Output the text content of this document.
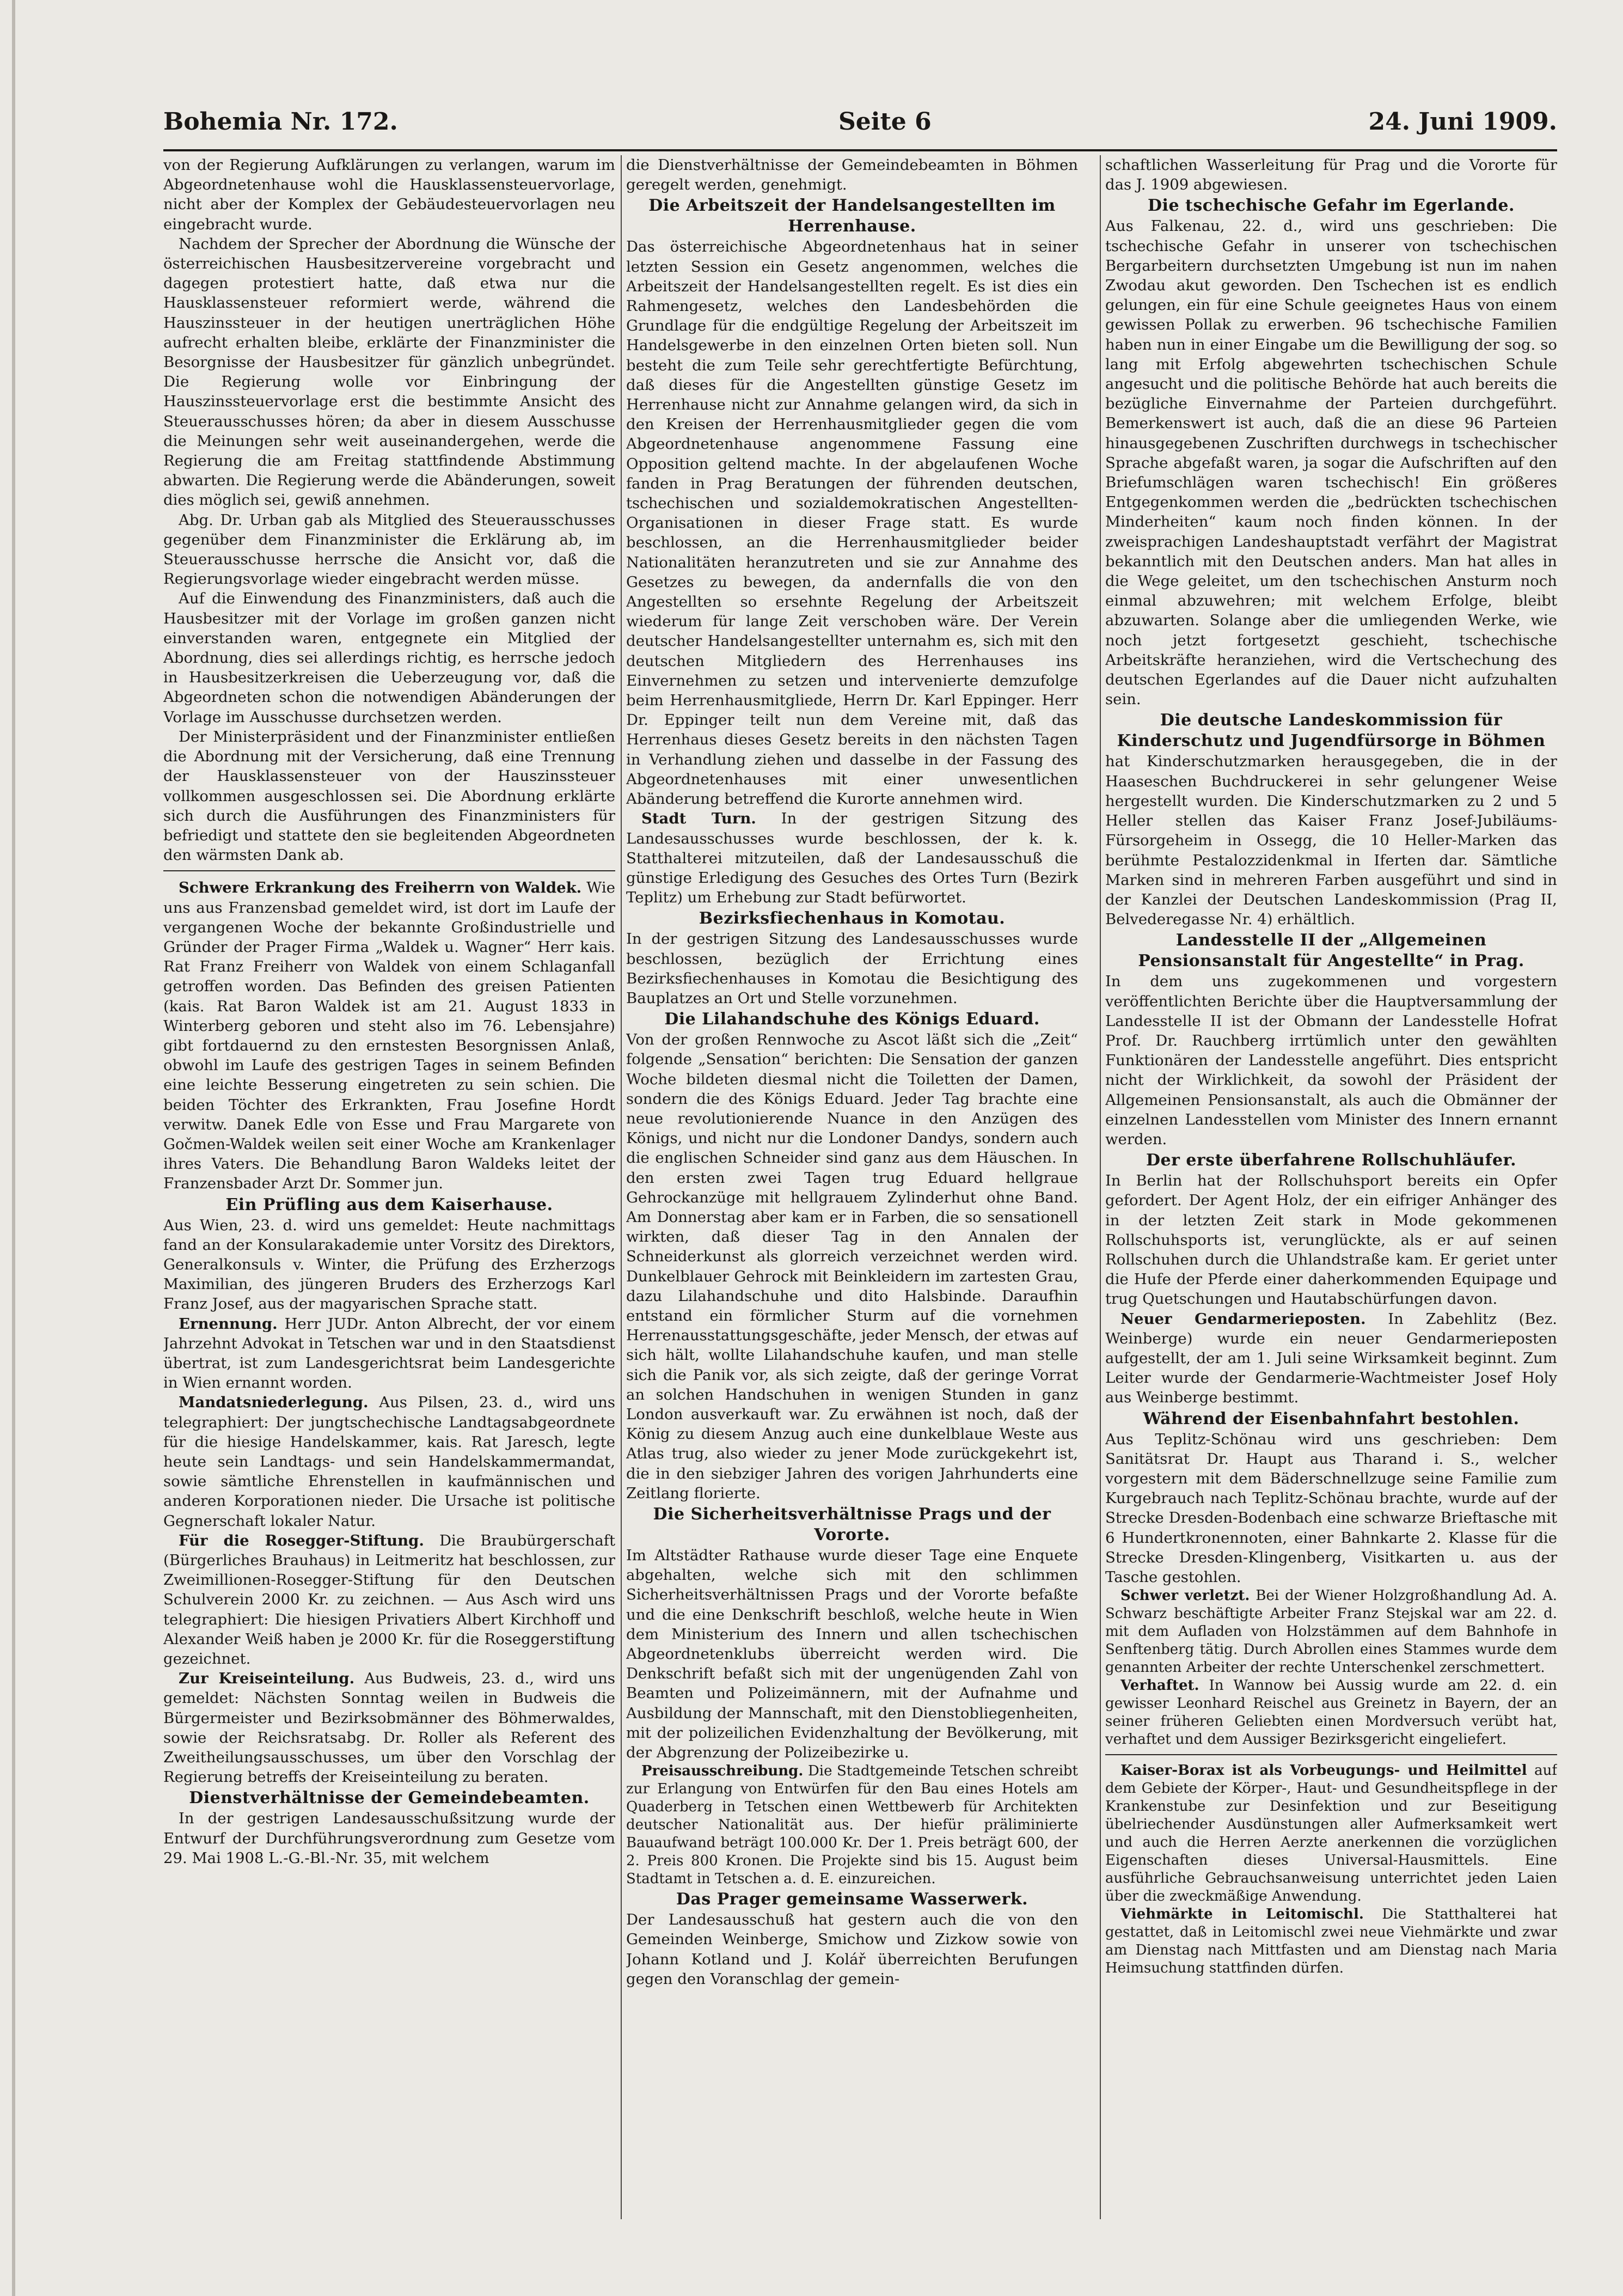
Bohemia Nr. 172.	Seite 6	24. Juni 1909.

von der Regierung Aufklärungen zu verlangen, warum im Abgeordnetenhause wohl die Hausklassensteuervorlage, nicht aber der Komplex der Gebäudesteuervorlagen neu eingebracht wurde.

Nachdem der Sprecher der Abordnung die Wünsche der österreichischen Hausbesitzervereine vorgebracht und dagegen protestiert hatte, daß etwa nur die Hausklassensteuer reformiert werde, während die Hauszinssteuer in der heutigen unerträglichen Höhe aufrecht erhalten bleibe, erklärte der Finanzminister die Besorgnisse der Hausbesitzer für gänzlich unbegründet. Die Regierung wolle vor Einbringung der Hauszinssteuervorlage erst die bestimmte Ansicht des Steuerausschusses hören; da aber in diesem Ausschusse die Meinungen sehr weit auseinandergehen, werde die Regierung die am Freitag stattfindende Abstimmung abwarten. Die Regierung werde die Abänderungen, soweit dies möglich sei, gewiß annehmen.

Abg. Dr. Urban gab als Mitglied des Steuerausschusses gegenüber dem Finanzminister die Erklärung ab, im Steuerausschusse herrsche die Ansicht vor, daß die Regierungsvorlage wieder eingebracht werden müsse.

Auf die Einwendung des Finanzministers, daß auch die Hausbesitzer mit der Vorlage im großen ganzen nicht einverstanden waren, entgegnete ein Mitglied der Abordnung, dies sei allerdings richtig, es herrsche jedoch in Hausbesitzerkreisen die Ueberzeugung vor, daß die Abgeordneten schon die notwendigen Abänderungen der Vorlage im Ausschusse durchsetzen werden.

Der Ministerpräsident und der Finanzminister entließen die Abordnung mit der Versicherung, daß eine Trennung der Hausklassensteuer von der Hauszinssteuer vollkommen ausgeschlossen sei. Die Abordnung erklärte sich durch die Ausführungen des Finanzministers für befriedigt und stattete den sie begleitenden Abgeordneten den wärmsten Dank ab.

Schwere Erkrankung des Freiherrn von Waldek. Wie uns aus Franzensbad gemeldet wird, ist dort im Laufe der vergangenen Woche der bekannte Großindustrielle und Gründer der Prager Firma „Waldek u. Wagner“ Herr kais. Rat Franz Freiherr von Waldek von einem Schlaganfall getroffen worden. Das Befinden des greisen Patienten (kais. Rat Baron Waldek ist am 21. August 1833 in Winterberg geboren und steht also im 76. Lebensjahre) gibt fortdauernd zu den ernstesten Besorgnissen Anlaß, obwohl im Laufe des gestrigen Tages in seinem Befinden eine leichte Besserung eingetreten zu sein schien. Die beiden Töchter des Erkrankten, Frau Josefine Hordt verwitw. Danek Edle von Esse und Frau Margarete von Gočmen-Waldek weilen seit einer Woche am Krankenlager ihres Vaters. Die Behandlung Baron Waldeks leitet der Franzensbader Arzt Dr. Sommer jun.

Ein Prüfling aus dem Kaiserhause.

Aus Wien, 23. d. wird uns gemeldet: Heute nachmittags fand an der Konsularakademie unter Vorsitz des Direktors, Generalkonsuls v. Winter, die Prüfung des Erzherzogs Maximilian, des jüngeren Bruders des Erzherzogs Karl Franz Josef, aus der magyarischen Sprache statt.

Ernennung. Herr JUDr. Anton Albrecht, der vor einem Jahrzehnt Advokat in Tetschen war und in den Staatsdienst übertrat, ist zum Landesgerichtsrat beim Landesgerichte in Wien ernannt worden.

Mandatsniederlegung. Aus Pilsen, 23. d., wird uns telegraphiert: Der jungtschechische Landtagsabgeordnete für die hiesige Handelskammer, kais. Rat Jaresch, legte heute sein Landtags- und sein Handelskammermandat, sowie sämtliche Ehrenstellen in kaufmännischen und anderen Korporationen nieder. Die Ursache ist politische Gegnerschaft lokaler Natur.

Für die Rosegger-Stiftung. Die Braubürgerschaft (Bürgerliches Brauhaus) in Leitmeritz hat beschlossen, zur Zweimillionen-Rosegger-Stiftung für den Deutschen Schulverein 2000 Kr. zu zeichnen. — Aus Asch wird uns telegraphiert: Die hiesigen Privatiers Albert Kirchhoff und Alexander Weiß haben je 2000 Kr. für die Roseggerstiftung gezeichnet.

Zur Kreiseinteilung. Aus Budweis, 23. d., wird uns gemeldet: Nächsten Sonntag weilen in Budweis die Bürgermeister und Bezirksobmänner des Böhmerwaldes, sowie der Reichsratsabg. Dr. Roller als Referent des Zweitheilungsausschusses, um über den Vorschlag der Regierung betreffs der Kreiseinteilung zu beraten.

Dienstverhältnisse der Gemeindebeamten.

In der gestrigen Landesausschußsitzung wurde der Entwurf der Durchführungsverordnung zum Gesetze vom 29. Mai 1908 L.-G.-Bl.-Nr. 35, mit welchem

die Dienstverhältnisse der Gemeindebeamten in Böhmen geregelt werden, genehmigt.

Die Arbeitszeit der Handelsangestellten im Herrenhause.

Das österreichische Abgeordnetenhaus hat in seiner letzten Session ein Gesetz angenommen, welches die Arbeitszeit der Handelsangestellten regelt. Es ist dies ein Rahmengesetz, welches den Landesbehörden die Grundlage für die endgültige Regelung der Arbeitszeit im Handelsgewerbe in den einzelnen Orten bieten soll. Nun besteht die zum Teile sehr gerechtfertigte Befürchtung, daß dieses für die Angestellten günstige Gesetz im Herrenhause nicht zur Annahme gelangen wird, da sich in den Kreisen der Herrenhausmitglieder gegen die vom Abgeordnetenhause angenommene Fassung eine Opposition geltend machte. In der abgelaufenen Woche fanden in Prag Beratungen der führenden deutschen, tschechischen und sozialdemokratischen Angestellten-Organisationen in dieser Frage statt. Es wurde beschlossen, an die Herrenhausmitglieder beider Nationalitäten heranzutreten und sie zur Annahme des Gesetzes zu bewegen, da andernfalls die von den Angestellten so ersehnte Regelung der Arbeitszeit wiederum für lange Zeit verschoben wäre. Der Verein deutscher Handelsangestellter unternahm es, sich mit den deutschen Mitgliedern des Herrenhauses ins Einvernehmen zu setzen und intervenierte demzufolge beim Herrenhausmitgliede, Herrn Dr. Karl Eppinger. Herr Dr. Eppinger teilt nun dem Vereine mit, daß das Herrenhaus dieses Gesetz bereits in den nächsten Tagen in Verhandlung ziehen und dasselbe in der Fassung des Abgeordnetenhauses mit einer unwesentlichen Abänderung betreffend die Kurorte annehmen wird.

Stadt Turn. In der gestrigen Sitzung des Landesausschusses wurde beschlossen, der k. k. Statthalterei mitzuteilen, daß der Landesausschuß die günstige Erledigung des Gesuches des Ortes Turn (Bezirk Teplitz) um Erhebung zur Stadt befürwortet.

Bezirksfiechenhaus in Komotau.

In der gestrigen Sitzung des Landesausschusses wurde beschlossen, bezüglich der Errichtung eines Bezirksfiechenhauses in Komotau die Besichtigung des Bauplatzes an Ort und Stelle vorzunehmen.

Die Lilahandschuhe des Königs Eduard.

Von der großen Rennwoche zu Ascot läßt sich die „Zeit“ folgende „Sensation“ berichten: Die Sensation der ganzen Woche bildeten diesmal nicht die Toiletten der Damen, sondern die des Königs Eduard. Jeder Tag brachte eine neue revolutionierende Nuance in den Anzügen des Königs, und nicht nur die Londoner Dandys, sondern auch die englischen Schneider sind ganz aus dem Häuschen. In den ersten zwei Tagen trug Eduard hellgraue Gehrockanzüge mit hellgrauem Zylinderhut ohne Band. Am Donnerstag aber kam er in Farben, die so sensationell wirkten, daß dieser Tag in den Annalen der Schneiderkunst als glorreich verzeichnet werden wird. Dunkelblauer Gehrock mit Beinkleidern im zartesten Grau, dazu Lilahandschuhe und dito Halsbinde. Daraufhin entstand ein förmlicher Sturm auf die vornehmen Herrenausstattungsgeschäfte, jeder Mensch, der etwas auf sich hält, wollte Lilahandschuhe kaufen, und man stelle sich die Panik vor, als sich zeigte, daß der geringe Vorrat an solchen Handschuhen in wenigen Stunden in ganz London ausverkauft war. Zu erwähnen ist noch, daß der König zu diesem Anzug auch eine dunkelblaue Weste aus Atlas trug, also wieder zu jener Mode zurückgekehrt ist, die in den siebziger Jahren des vorigen Jahrhunderts eine Zeitlang florierte.

Die Sicherheitsverhältnisse Prags und der Vororte.

Im Altstädter Rathause wurde dieser Tage eine Enquete abgehalten, welche sich mit den schlimmen Sicherheitsverhältnissen Prags und der Vororte befaßte und die eine Denkschrift beschloß, welche heute in Wien dem Ministerium des Innern und allen tschechischen Abgeordnetenklubs überreicht werden wird. Die Denkschrift befaßt sich mit der ungenügenden Zahl von Beamten und Polizeimännern, mit der Aufnahme und Ausbildung der Mannschaft, mit den Dienstobliegenheiten, mit der polizeilichen Evidenzhaltung der Bevölkerung, mit der Abgrenzung der Polizeibezirke u.

Preisausschreibung. Die Stadtgemeinde Tetschen schreibt zur Erlangung von Entwürfen für den Bau eines Hotels am Quaderberg in Tetschen einen Wettbewerb für Architekten deutscher Nationalität aus. Der hiefür präliminierte Bauaufwand beträgt 100.000 Kr. Der 1. Preis beträgt 600, der 2. Preis 800 Kronen. Die Projekte sind bis 15. August beim Stadtamt in Tetschen a. d. E. einzureichen.

Das Prager gemeinsame Wasserwerk.

Der Landesausschuß hat gestern auch die von den Gemeinden Weinberge, Smichow und Zizkow sowie von Johann Kotland und J. Kolář überreichten Berufungen gegen den Voranschlag der gemein-

schaftlichen Wasserleitung für Prag und die Vororte für das J. 1909 abgewiesen.

Die tschechische Gefahr im Egerlande.

Aus Falkenau, 22. d., wird uns geschrieben: Die tschechische Gefahr in unserer von tschechischen Bergarbeitern durchsetzten Umgebung ist nun im nahen Zwodau akut geworden. Den Tschechen ist es endlich gelungen, ein für eine Schule geeignetes Haus von einem gewissen Pollak zu erwerben. 96 tschechische Familien haben nun in einer Eingabe um die Bewilligung der sog. so lang mit Erfolg abgewehrten tschechischen Schule angesucht und die politische Behörde hat auch bereits die bezügliche Einvernahme der Parteien durchgeführt. Bemerkenswert ist auch, daß die an diese 96 Parteien hinausgegebenen Zuschriften durchwegs in tschechischer Sprache abgefaßt waren, ja sogar die Aufschriften auf den Briefumschlägen waren tschechisch! Ein größeres Entgegenkommen werden die „bedrückten tschechischen Minderheiten“ kaum noch finden können. In der zweisprachigen Landeshauptstadt verfährt der Magistrat bekanntlich mit den Deutschen anders. Man hat alles in die Wege geleitet, um den tschechischen Ansturm noch einmal abzuwehren; mit welchem Erfolge, bleibt abzuwarten. Solange aber die umliegenden Werke, wie noch jetzt fortgesetzt geschieht, tschechische Arbeitskräfte heranziehen, wird die Vertschechung des deutschen Egerlandes auf die Dauer nicht aufzuhalten sein.

Die deutsche Landeskommission für Kinderschutz und Jugendfürsorge in Böhmen

hat Kinderschutzmarken herausgegeben, die in der Haaseschen Buchdruckerei in sehr gelungener Weise hergestellt wurden. Die Kinderschutzmarken zu 2 und 5 Heller stellen das Kaiser Franz Josef-Jubiläums-Fürsorgeheim in Ossegg, die 10 Heller-Marken das berühmte Pestalozzidenkmal in Iferten dar. Sämtliche Marken sind in mehreren Farben ausgeführt und sind in der Kanzlei der Deutschen Landeskommission (Prag II, Belvederegasse Nr. 4) erhältlich.

Landesstelle II der „Allgemeinen Pensionsanstalt für Angestellte“ in Prag.

In dem uns zugekommenen und vorgestern veröffentlichten Berichte über die Hauptversammlung der Landesstelle II ist der Obmann der Landesstelle Hofrat Prof. Dr. Rauchberg irrtümlich unter den gewählten Funktionären der Landesstelle angeführt. Dies entspricht nicht der Wirklichkeit, da sowohl der Präsident der Allgemeinen Pensionsanstalt, als auch die Obmänner der einzelnen Landesstellen vom Minister des Innern ernannt werden.

Der erste überfahrene Rollschuhläufer.

In Berlin hat der Rollschuhsport bereits ein Opfer gefordert. Der Agent Holz, der ein eifriger Anhänger des in der letzten Zeit stark in Mode gekommenen Rollschuhsports ist, verunglückte, als er auf seinen Rollschuhen durch die Uhlandstraße kam. Er geriet unter die Hufe der Pferde einer daherkommenden Equipage und trug Quetschungen und Hautabschürfungen davon.

Neuer Gendarmerieposten. In Zabehlitz (Bez. Weinberge) wurde ein neuer Gendarmerieposten aufgestellt, der am 1. Juli seine Wirksamkeit beginnt. Zum Leiter wurde der Gendarmerie-Wachtmeister Josef Holy aus Weinberge bestimmt.

Während der Eisenbahnfahrt bestohlen.

Aus Teplitz-Schönau wird uns geschrieben: Dem Sanitätsrat Dr. Haupt aus Tharand i. S., welcher vorgestern mit dem Bäderschnellzuge seine Familie zum Kurgebrauch nach Teplitz-Schönau brachte, wurde auf der Strecke Dresden-Bodenbach eine schwarze Brieftasche mit 6 Hundertkronennoten, einer Bahnkarte 2. Klasse für die Strecke Dresden-Klingenberg, Visitkarten u. aus der Tasche gestohlen.

Schwer verletzt. Bei der Wiener Holzgroßhandlung Ad. A. Schwarz beschäftigte Arbeiter Franz Stejskal war am 22. d. mit dem Aufladen von Holzstämmen auf dem Bahnhofe in Senftenberg tätig. Durch Abrollen eines Stammes wurde dem genannten Arbeiter der rechte Unterschenkel zerschmettert.

Verhaftet. In Wannow bei Aussig wurde am 22. d. ein gewisser Leonhard Reischel aus Greinetz in Bayern, der an seiner früheren Geliebten einen Mordversuch verübt hat, verhaftet und dem Aussiger Bezirksgericht eingeliefert.

Kaiser-Borax ist als Vorbeugungs- und Heilmittel auf dem Gebiete der Körper-, Haut- und Gesundheitspflege in der Krankenstube zur Desinfektion und zur Beseitigung übelriechender Ausdünstungen aller Aufmerksamkeit wert und auch die Herren Aerzte anerkennen die vorzüglichen Eigenschaften dieses Universal-Hausmittels. Eine ausführliche Gebrauchsanweisung unterrichtet jeden Laien über die zweckmäßige Anwendung.

Viehmärkte in Leitomischl. Die Statthalterei hat gestattet, daß in Leitomischl zwei neue Viehmärkte und zwar am Dienstag nach Mittfasten und am Dienstag nach Maria Heimsuchung stattfinden dürfen.
